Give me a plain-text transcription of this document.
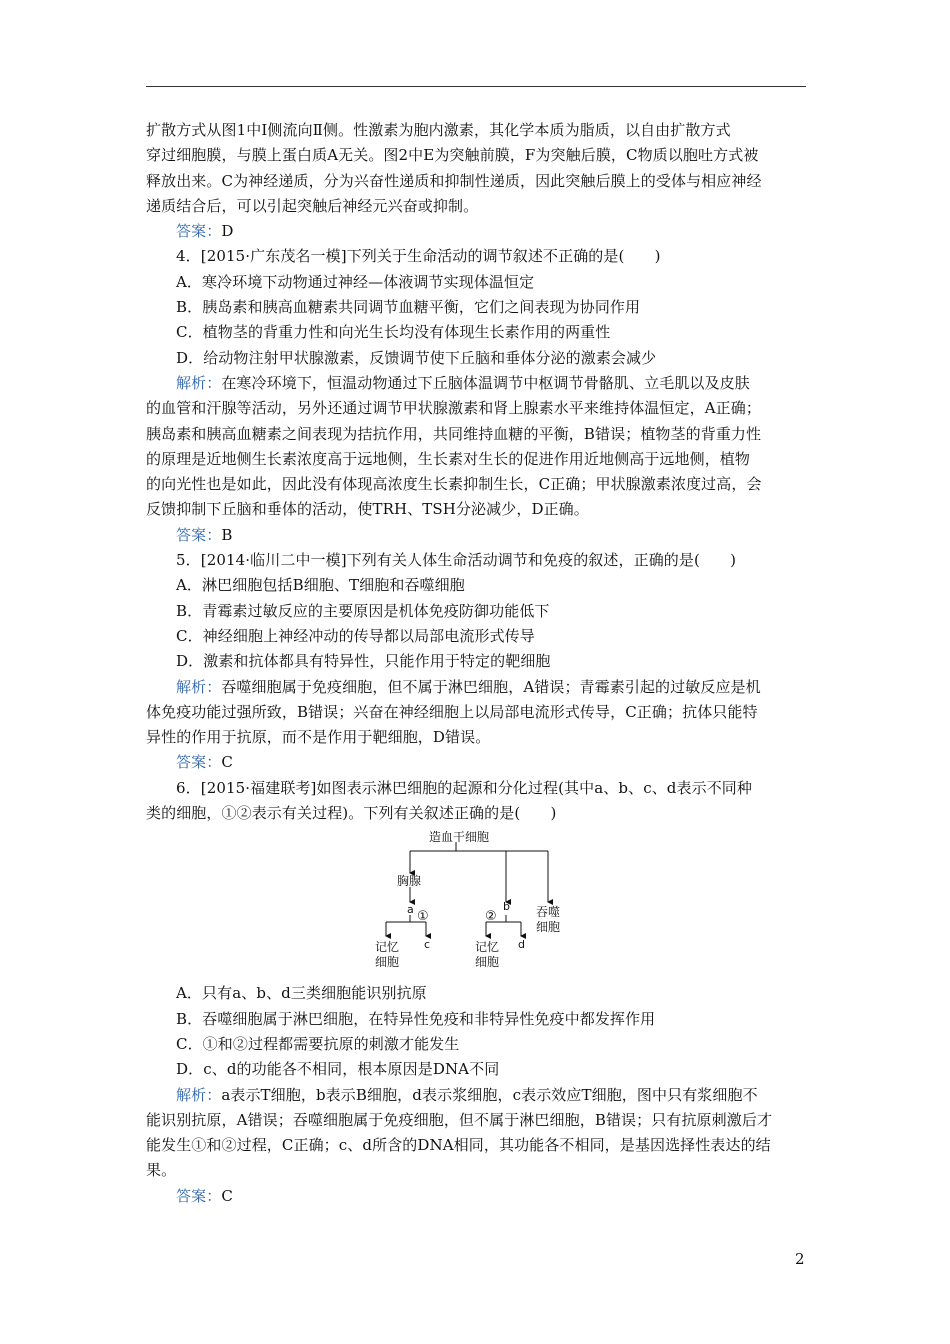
扩散方式从图1中Ⅰ侧流向Ⅱ侧。性激素为胞内激素，其化学本质为脂质，以自由扩散方式

穿过细胞膜，与膜上蛋白质A无关。图2中E为突触前膜，F为突触后膜，C物质以胞吐方式被

释放出来。C为神经递质，分为兴奋性递质和抑制性递质，因此突触后膜上的受体与相应神经

递质结合后，可以引起突触后神经元兴奋或抑制。

答案：D

4．[2015·广东茂名一模]下列关于生命活动的调节叙述不正确的是(　　)

A．寒冷环境下动物通过神经—体液调节实现体温恒定

B．胰岛素和胰高血糖素共同调节血糖平衡，它们之间表现为协同作用

C．植物茎的背重力性和向光生长均没有体现生长素作用的两重性

D．给动物注射甲状腺激素，反馈调节使下丘脑和垂体分泌的激素会减少

解析：在寒冷环境下，恒温动物通过下丘脑体温调节中枢调节骨骼肌、立毛肌以及皮肤

的血管和汗腺等活动，另外还通过调节甲状腺激素和肾上腺素水平来维持体温恒定，A正确；

胰岛素和胰高血糖素之间表现为拮抗作用，共同维持血糖的平衡，B错误；植物茎的背重力性

的原理是近地侧生长素浓度高于远地侧，生长素对生长的促进作用近地侧高于远地侧，植物

的向光性也是如此，因此没有体现高浓度生长素抑制生长，C正确；甲状腺激素浓度过高，会

反馈抑制下丘脑和垂体的活动，使TRH、TSH分泌减少，D正确。

答案：B

5．[2014·临川二中一模]下列有关人体生命活动调节和免疫的叙述，正确的是(　　)

A．淋巴细胞包括B细胞、T细胞和吞噬细胞

B．青霉素过敏反应的主要原因是机体免疫防御功能低下

C．神经细胞上神经冲动的传导都以局部电流形式传导

D．激素和抗体都具有特异性，只能作用于特定的靶细胞

解析：吞噬细胞属于免疫细胞，但不属于淋巴细胞，A错误；青霉素引起的过敏反应是机

体免疫功能过强所致，B错误；兴奋在神经细胞上以局部电流形式传导，C正确；抗体只能特

异性的作用于抗原，而不是作用于靶细胞，D错误。

答案：C

6．[2015·福建联考]如图表示淋巴细胞的起源和分化过程(其中a、b、c、d表示不同种

类的细胞，①②表示有关过程)。下列有关叙述正确的是(　　)

造血干细胞
胸腺
a	b
①	②	吞噬
细胞
c	d
记忆
细胞
记忆
细胞

A．只有a、b、d三类细胞能识别抗原

B．吞噬细胞属于淋巴细胞，在特异性免疫和非特异性免疫中都发挥作用

C．①和②过程都需要抗原的刺激才能发生

D．c、d的功能各不相同，根本原因是DNA不同

解析：a表示T细胞，b表示B细胞，d表示浆细胞，c表示效应T细胞，图中只有浆细胞不

能识别抗原，A错误；吞噬细胞属于免疫细胞，但不属于淋巴细胞，B错误；只有抗原刺激后才

能发生①和②过程，C正确；c、d所含的DNA相同，其功能各不相同，是基因选择性表达的结

果。

答案：C

2
